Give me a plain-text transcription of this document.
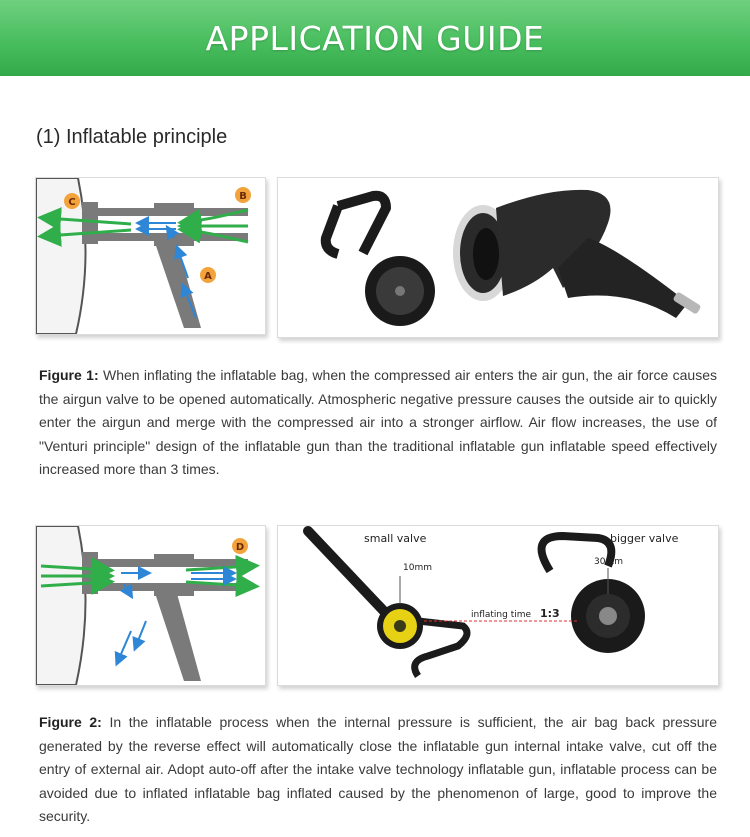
APPLICATION GUIDE
(1) Inflatable principle
C
B
A
Figure 1: When inflating the inflatable bag, when the compressed air enters the air gun, the air force causes the airgun valve to be opened automatically. Atmospheric negative pressure causes the outside air to quickly enter the airgun and merge with the compressed air into a stronger airflow. Air flow increases, the use of "Venturi principle" design of the inflatable gun than the traditional inflatable gun inflatable speed effectively increased more than 3 times.
D
10mm
small valve
30mm
bigger valve
inflating time 1:3
Figure 2: In the inflatable process when the internal pressure is sufficient, the air bag back pressure generated by the reverse effect will automatically close the inflatable gun internal intake valve, cut off the entry of external air. Adopt auto-off after the intake valve technology inflatable gun, inflatable process can be avoided due to inflated inflatable bag inflated caused by the phenomenon of large, good to improve the security.
